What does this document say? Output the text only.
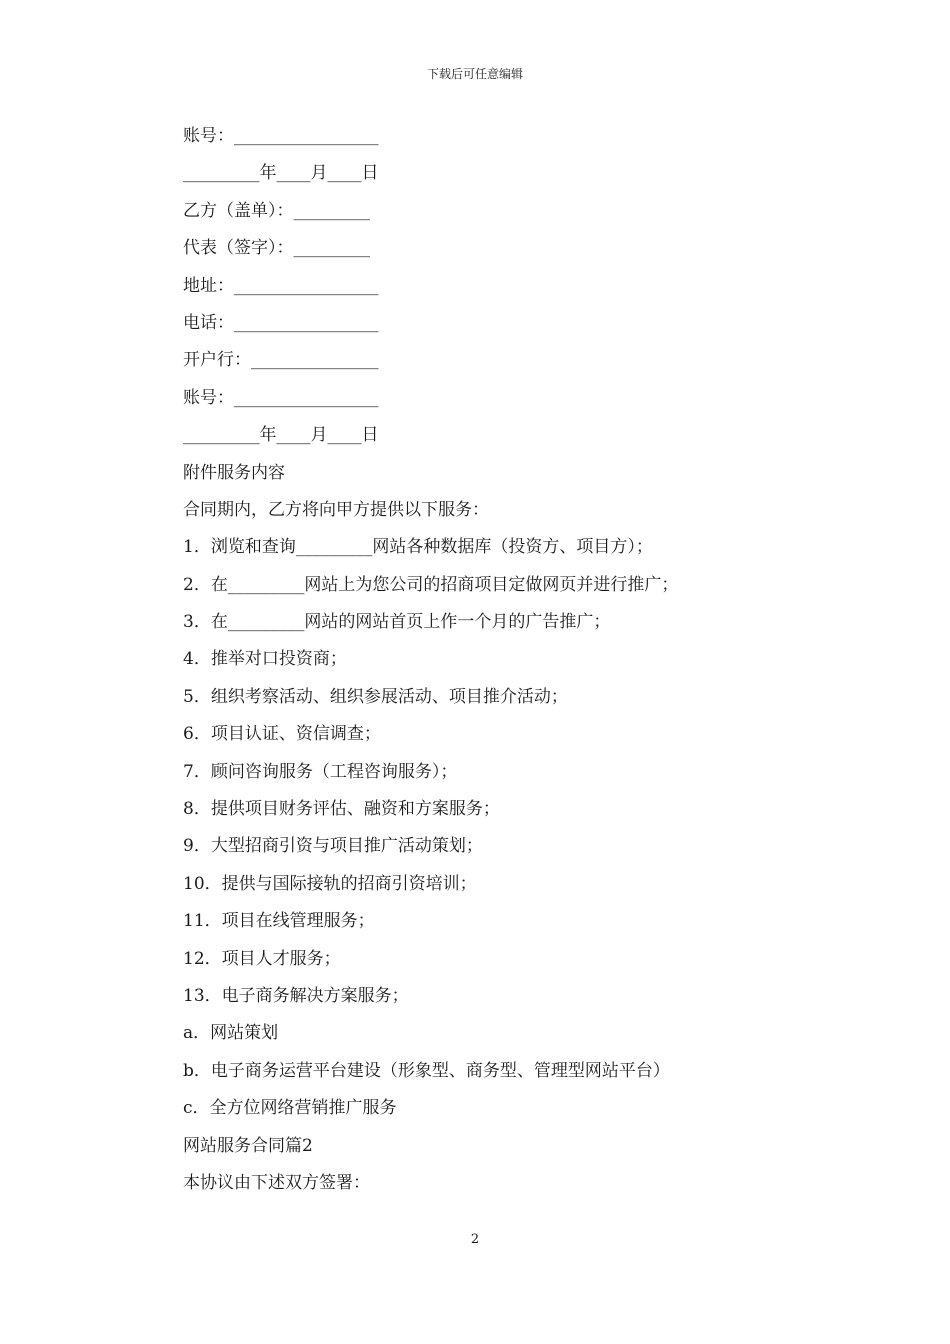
下载后可任意编辑
账号：_________________
_________年____月____日
乙方（盖单）：_________
代表（签字）：_________
地址：_________________
电话：_________________
开户行：_______________
账号：_________________
_________年____月____日
附件服务内容
合同期内，乙方将向甲方提供以下服务：
1．浏览和查询_________网站各种数据库（投资方、项目方）；
2．在_________网站上为您公司的招商项目定做网页并进行推广；
3．在_________网站的网站首页上作一个月的广告推广；
4．推举对口投资商；
5．组织考察活动、组织参展活动、项目推介活动；
6．项目认证、资信调查；
7．顾问咨询服务（工程咨询服务）；
8．提供项目财务评估、融资和方案服务；
9．大型招商引资与项目推广活动策划；
10．提供与国际接轨的招商引资培训；
11．项目在线管理服务；
12．项目人才服务；
13．电子商务解决方案服务；
a．网站策划
b．电子商务运营平台建设（形象型、商务型、管理型网站平台）
c．全方位网络营销推广服务
网站服务合同篇2
本协议由下述双方签署：
2
